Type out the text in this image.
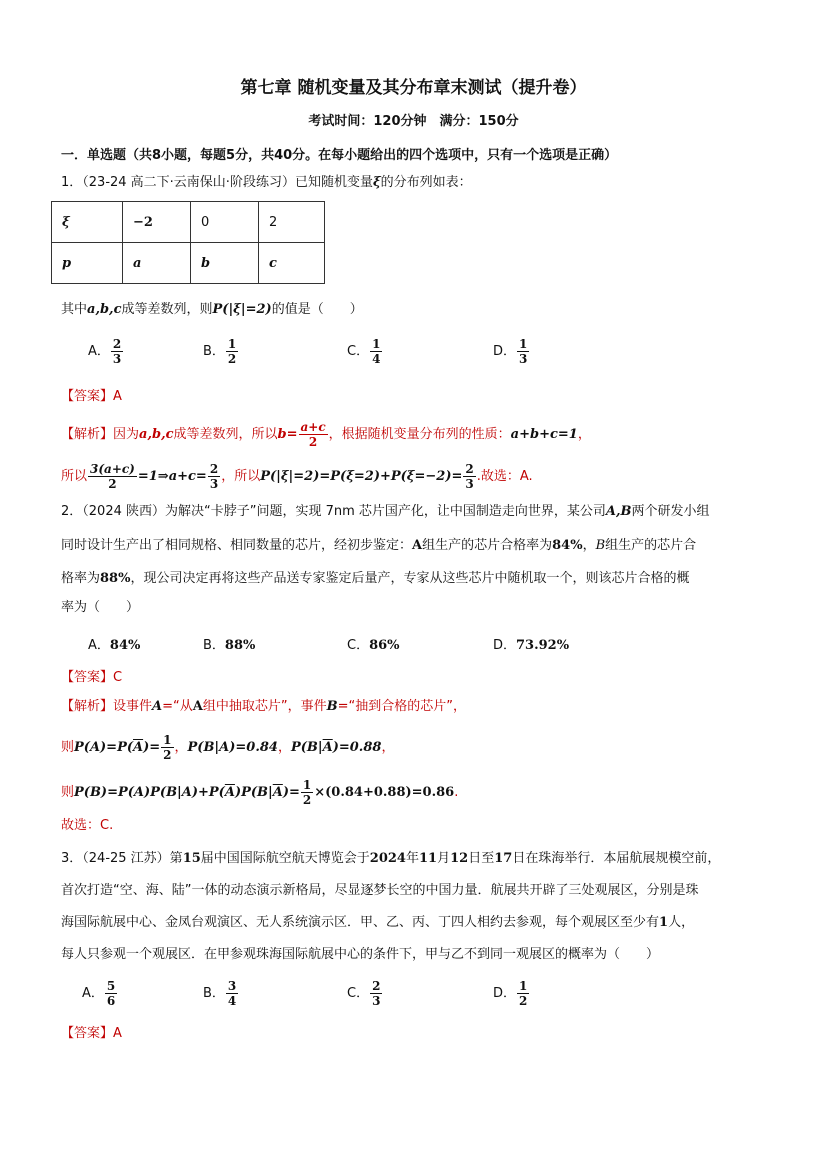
第七章 随机变量及其分布章末测试（提升卷）
考试时间：120分钟　满分：150分
一．单选题（共8小题，每题5分，共40分。在每小题给出的四个选项中，只有一个选项是正确）
1．（23-24 高二下·云南保山·阶段练习）已知随机变量ξ的分布列如表：
ξ	−2	0	2
p	a	b	c
其中a,b,c成等差数列，则P(|ξ|=2)的值是（　　）
A． $\frac{2}{3}$	B． $\frac{1}{2}$	C． $\frac{1}{4}$	D． $\frac{1}{3}$
【答案】A
【解析】因为a,b,c成等差数列，所以$b= \frac{a+c}{2}$ ，根据随机变量分布列的性质：a+b+c=1，
所以 $\frac{3(a+c)}{2}$ =1⇒a+c= $\frac{2}{3}$ ，所以$P(|\xi|=2)=P(\xi=2)+P(\xi=-2)= \frac{2}{3}$ .故选：A.
2．（2024 陕西）为解决“卡脖子”问题，实现 7nm 芯片国产化，让中国制造走向世界，某公司A,B两个研发小组
同时设计生产出了相同规格、相同数量的芯片，经初步鉴定：A组生产的芯片合格率为84%，B组生产的芯片合
格率为88%，现公司决定再将这些产品送专家鉴定后量产，专家从这些芯片中随机取一个，则该芯片合格的概
率为（　　）
A．84%	B．88%	C．86%	D．73.92%
【答案】C
【解析】设事件A=“从A组中抽取芯片”，事件B=“抽到合格的芯片”，
则$P(A)=P(\overline{A})= \frac{1}{2}$ ，P(B|A)=0.84，$P(B|\overline{A})=0.88$，
则$P(B)=P(A)P(B|A)+P(\overline{A})P(B|\overline{A})= \frac{1}{2} \times(0.84+0.88)=0.86$.
故选：C.
3．（24-25 江苏）第15届中国国际航空航天博览会于2024年11月12日至17日在珠海举行．本届航展规模空前，
首次打造“空、海、陆”一体的动态演示新格局，尽显逐梦长空的中国力量．航展共开辟了三处观展区，分别是珠
海国际航展中心、金凤台观演区、无人系统演示区．甲、乙、丙、丁四人相约去参观，每个观展区至少有1人，
每人只参观一个观展区．在甲参观珠海国际航展中心的条件下，甲与乙不到同一观展区的概率为（　　）
A． $\frac{5}{6}$	B． $\frac{3}{4}$	C． $\frac{2}{3}$	D． $\frac{1}{2}$
【答案】A
